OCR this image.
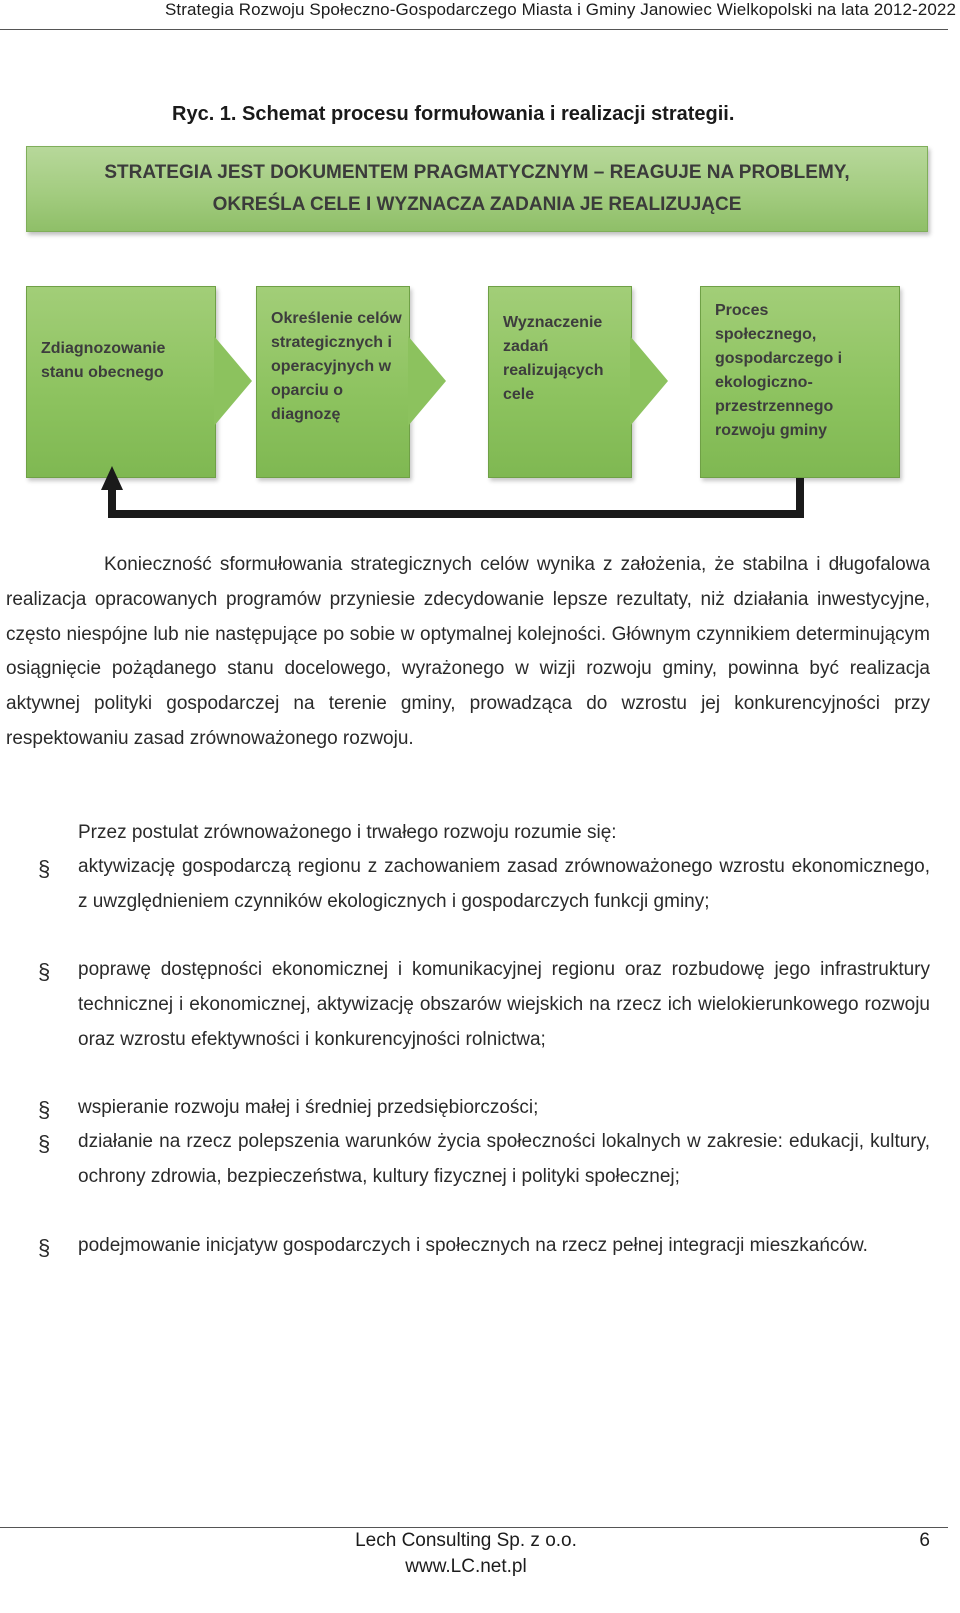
Strategia Rozwoju Społeczno-Gospodarczego Miasta i Gminy Janowiec Wielkopolski na lata 2012-2022
Ryc. 1. Schemat procesu formułowania i realizacji strategii.
STRATEGIA JEST DOKUMENTEM PRAGMATYCZNYM – REAGUJE NA PROBLEMY,
OKREŚLA CELE I WYZNACZA ZADANIA JE REALIZUJĄCE
Zdiagnozowanie
stanu obecnego
Określenie celów
strategicznych i
operacyjnych w
oparciu o
diagnozę
Wyznaczenie
zadań
realizujących
cele
Proces
społecznego,
gospodarczego i
ekologiczno-
przestrzennego
rozwoju gminy
Konieczność sformułowania strategicznych celów wynika z założenia, że stabilna i długofalowa realizacja opracowanych programów przyniesie zdecydowanie lepsze rezultaty, niż działania inwestycyjne, często niespójne lub nie następujące po sobie w optymalnej kolejności. Głównym czynnikiem determinującym osiągnięcie pożądanego stanu docelowego, wyrażonego w wizji rozwoju gminy, powinna być realizacja aktywnej polityki gospodarczej na terenie gminy, prowadząca do wzrostu jej konkurencyjności przy respektowaniu zasad zrównoważonego rozwoju.
Przez postulat zrównoważonego i trwałego rozwoju rozumie się:
§ aktywizację gospodarczą regionu z zachowaniem zasad zrównoważonego wzrostu ekonomicznego, z uwzględnieniem czynników ekologicznych i gospodarczych funkcji gminy;
§ poprawę dostępności ekonomicznej i komunikacyjnej regionu oraz rozbudowę jego infrastruktury technicznej i ekonomicznej, aktywizację obszarów wiejskich na rzecz ich wielokierunkowego rozwoju oraz wzrostu efektywności i konkurencyjności rolnictwa;
§ wspieranie rozwoju małej i średniej przedsiębiorczości;
§ działanie na rzecz polepszenia warunków życia społeczności lokalnych w zakresie: edukacji, kultury, ochrony zdrowia, bezpieczeństwa, kultury fizycznej i polityki społecznej;
§ podejmowanie inicjatyw gospodarczych i społecznych na rzecz pełnej integracji mieszkańców.
Lech Consulting Sp. z o.o.
www.LC.net.pl
6
